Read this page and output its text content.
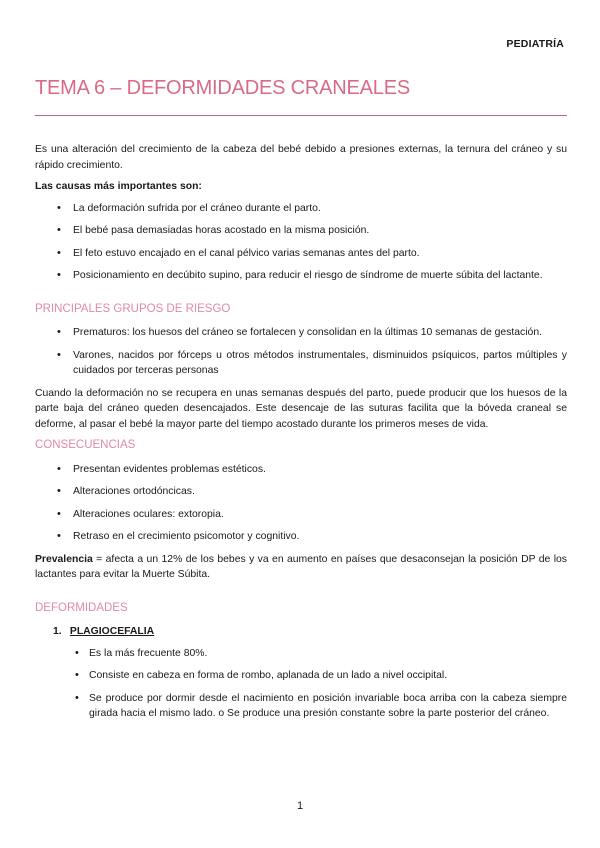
PEDIATRÍA
TEMA 6 – DEFORMIDADES CRANEALES

Es una alteración del crecimiento de la cabeza del bebé debido a presiones externas, la ternura del cráneo y su rápido crecimiento.

Las causas más importantes son:

• La deformación sufrida por el cráneo durante el parto.
• El bebé pasa demasiadas horas acostado en la misma posición.
• El feto estuvo encajado en el canal pélvico varias semanas antes del parto.
• Posicionamiento en decúbito supino, para reducir el riesgo de síndrome de muerte súbita del lactante.
PRINCIPALES GRUPOS DE RIESGO
• Prematuros: los huesos del cráneo se fortalecen y consolidan en la últimas 10 semanas de gestación.
• Varones, nacidos por fórceps u otros métodos instrumentales, disminuidos psíquicos, partos múltiples y cuidados por terceras personas

Cuando la deformación no se recupera en unas semanas después del parto, puede producir que los huesos de la parte baja del cráneo queden desencajados. Este desencaje de las suturas facilita que la bóveda craneal se deforme, al pasar el bebé la mayor parte del tiempo acostado durante los primeros meses de vida.

CONSECUENCIAS
• Presentan evidentes problemas estéticos.
• Alteraciones ortodóncicas.
• Alteraciones oculares: extoropia.
• Retraso en el crecimiento psicomotor y cognitivo.

Prevalencia = afecta a un 12% de los bebes y va en aumento en países que desaconsejan la posición DP de los lactantes para evitar la Muerte Súbita.

DEFORMIDADES
1. PLAGIOCEFALIA
• Es la más frecuente 80%.
• Consiste en cabeza en forma de rombo, aplanada de un lado a nivel occipital.
• Se produce por dormir desde el nacimiento en posición invariable boca arriba con la cabeza siempre girada hacia el mismo lado. o Se produce una presión constante sobre la parte posterior del cráneo.
1
